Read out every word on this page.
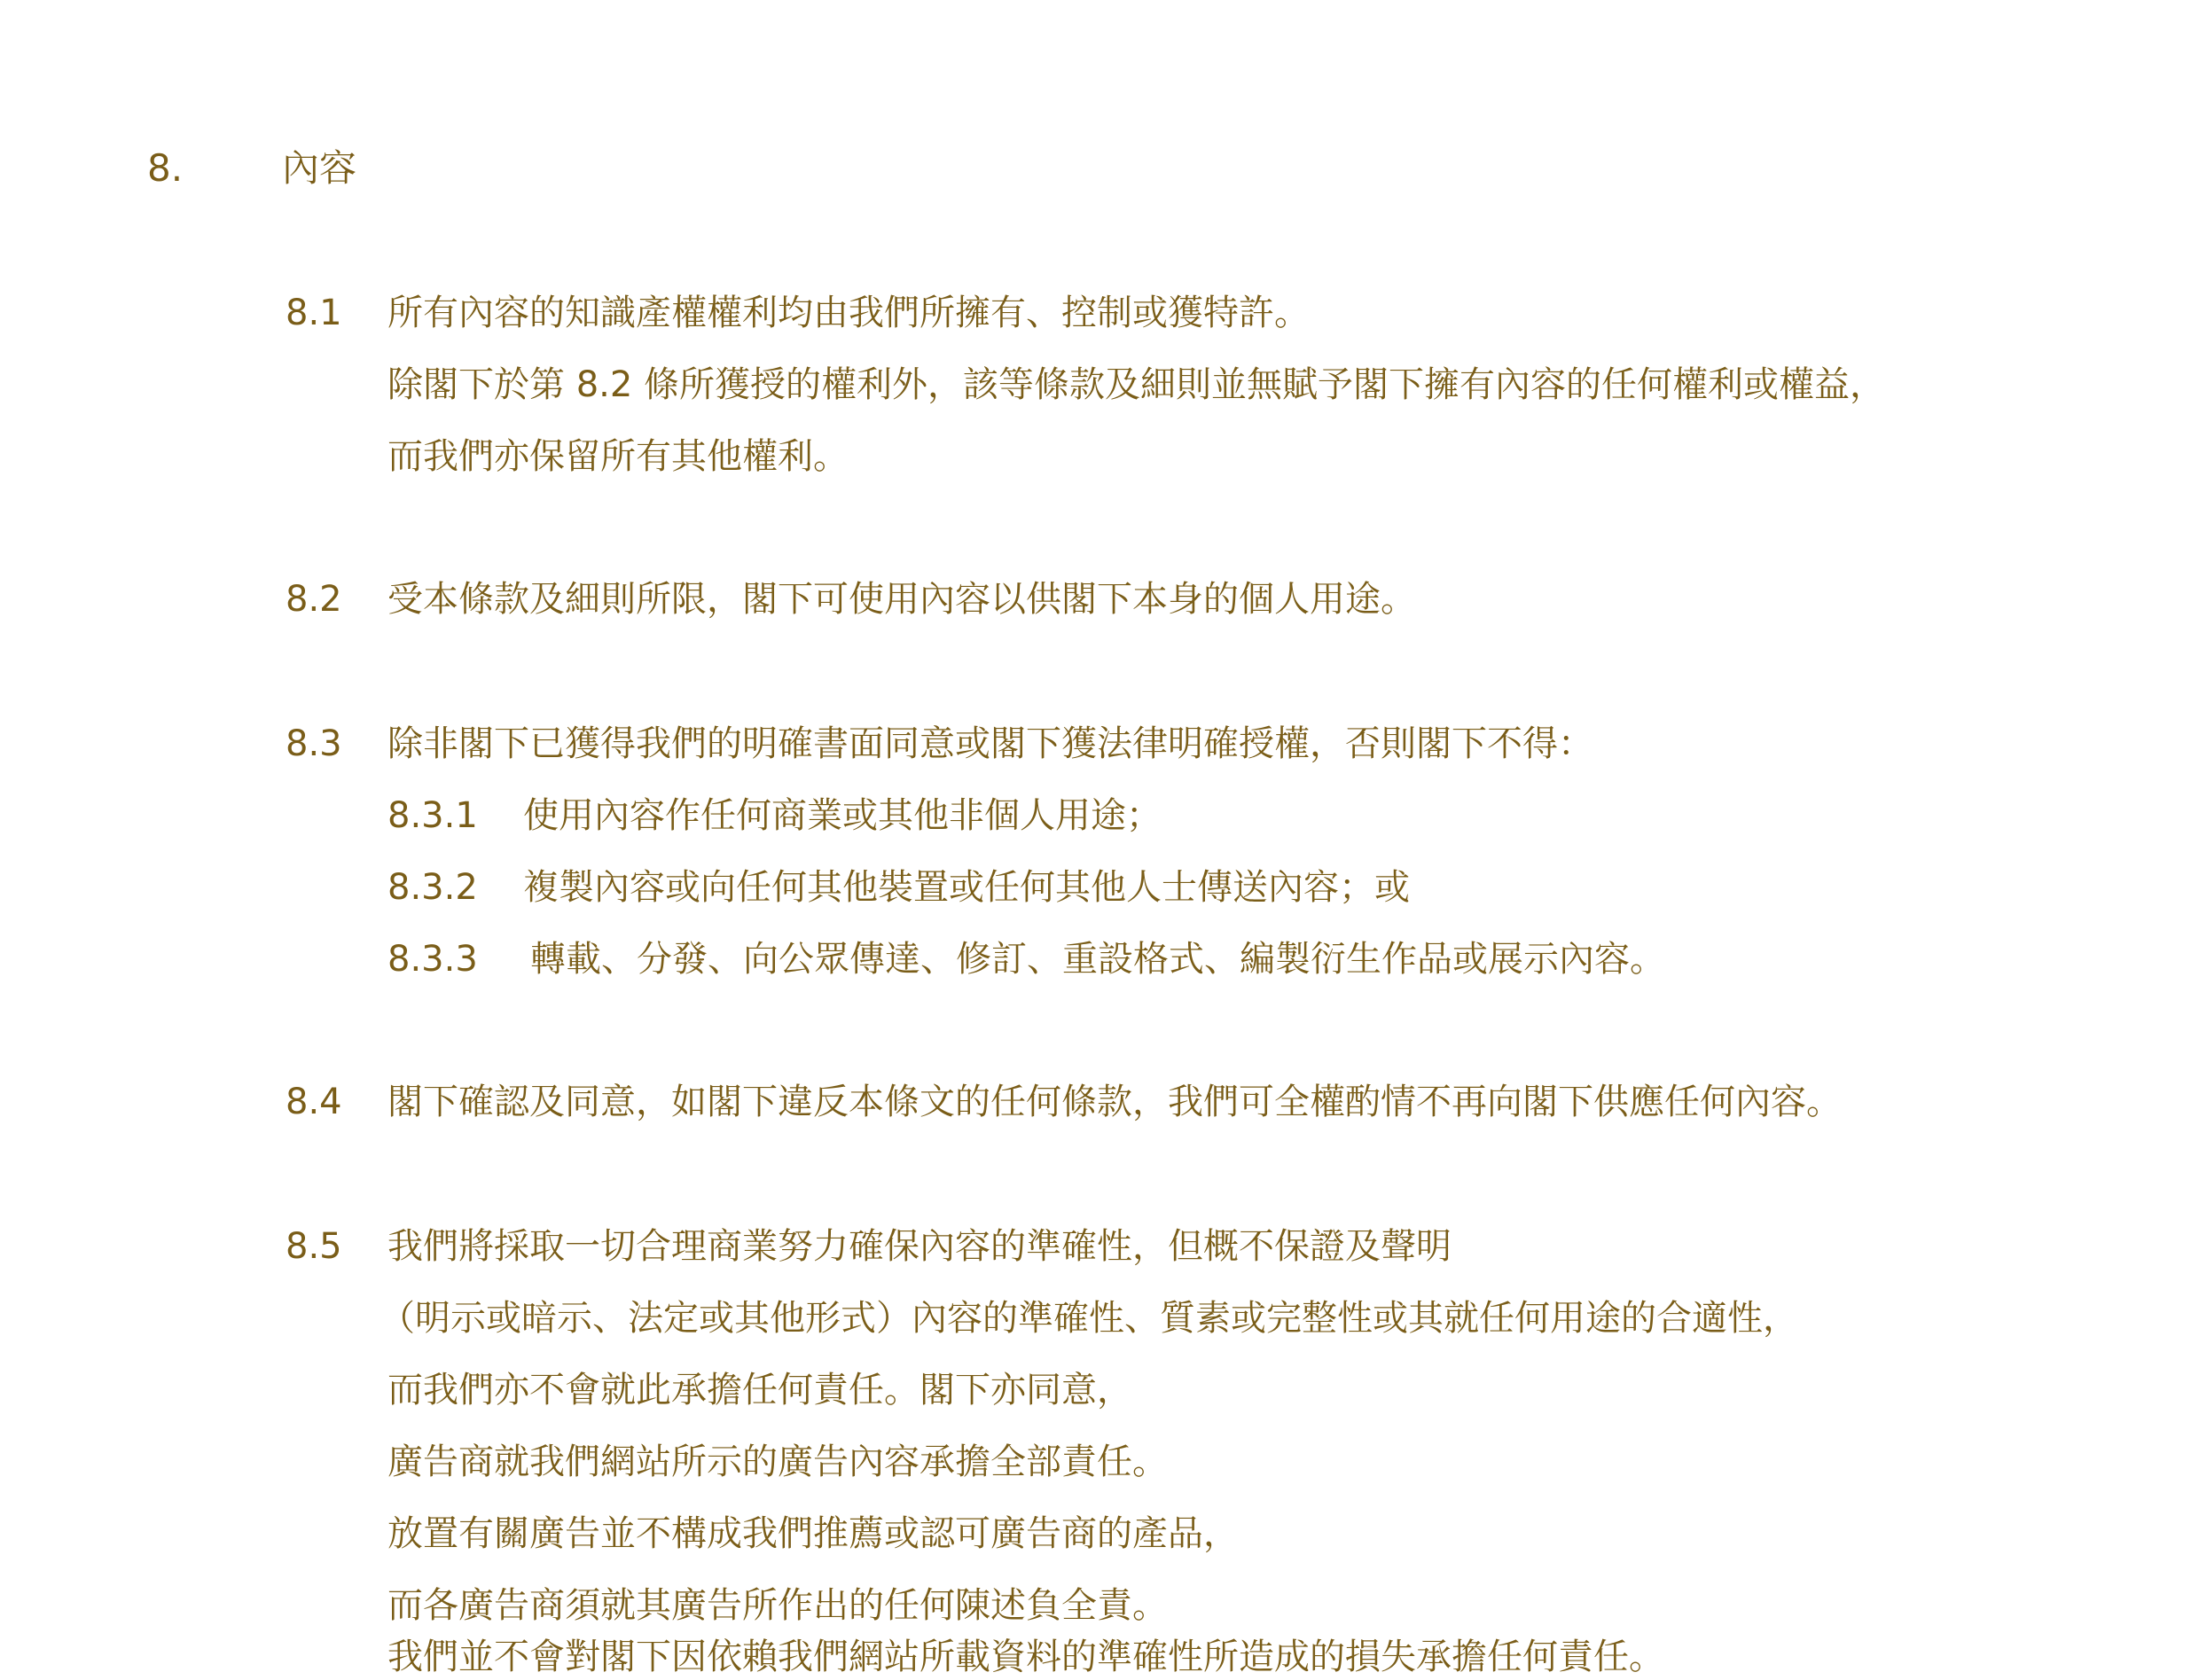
8.	內容
8.1 所有內容的知識產權權利均由我們所擁有、控制或獲特許。
除閣下於第 8.2 條所獲授的權利外，該等條款及細則並無賦予閣下擁有內容的任何權利或權益，
而我們亦保留所有其他權利。
8.2 受本條款及細則所限，閣下可使用內容以供閣下本身的個人用途。
8.3 除非閣下已獲得我們的明確書面同意或閣下獲法律明確授權，否則閣下不得：
8.3.1 使用內容作任何商業或其他非個人用途；
8.3.2 複製內容或向任何其他裝置或任何其他人士傳送內容；或
8.3.3 轉載、分發、向公眾傳達、修訂、重設格式、編製衍生作品或展示內容。
8.4 閣下確認及同意，如閣下違反本條文的任何條款，我們可全權酌情不再向閣下供應任何內容。
8.5 我們將採取一切合理商業努力確保內容的準確性，但概不保證及聲明
（明示或暗示、法定或其他形式）內容的準確性、質素或完整性或其就任何用途的合適性，
而我們亦不會就此承擔任何責任。閣下亦同意，
廣告商就我們網站所示的廣告內容承擔全部責任。
放置有關廣告並不構成我們推薦或認可廣告商的產品，
而各廣告商須就其廣告所作出的任何陳述負全責。
我們並不會對閣下因依賴我們網站所載資料的準確性所造成的損失承擔任何責任。
